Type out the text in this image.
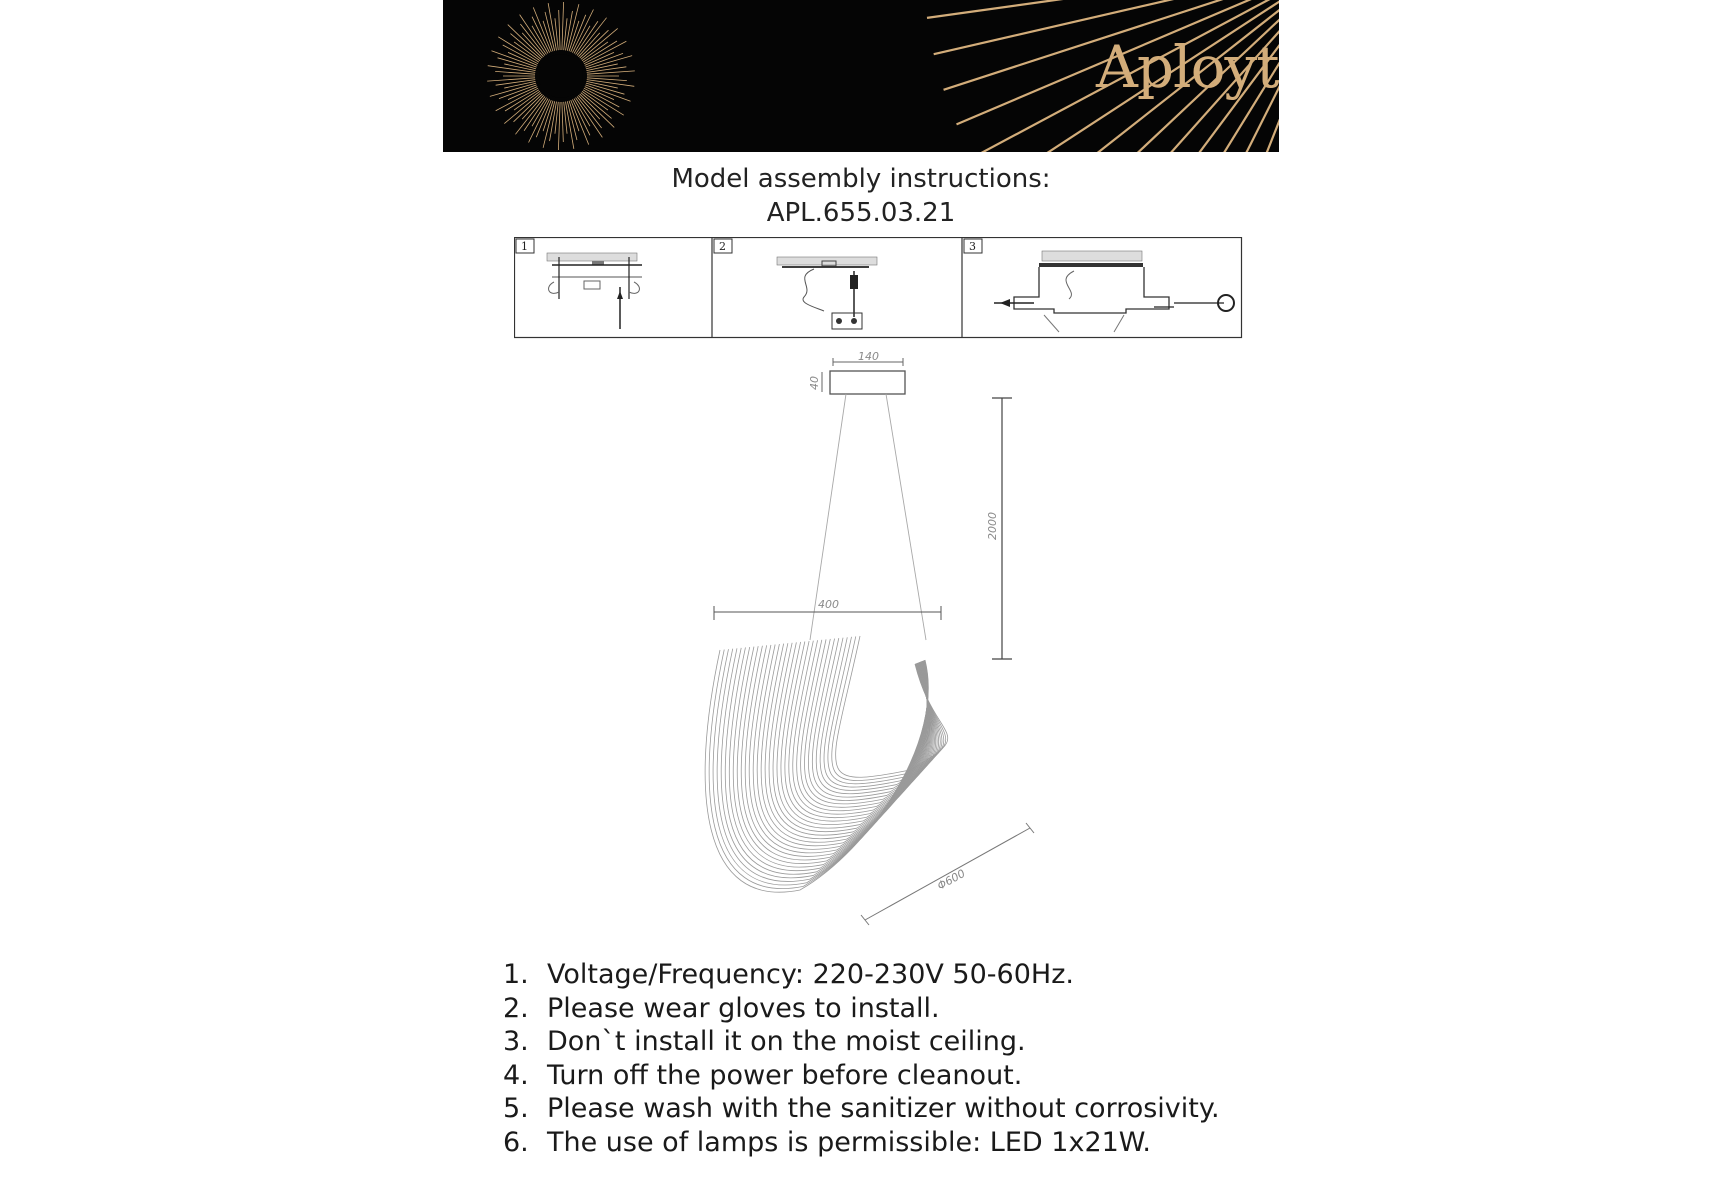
Aployt
Model assembly instructions:
APL.655.03.21
1	2	3
140
40
2000
400
Φ600
1. Voltage/Frequency: 220-230V 50-60Hz.
2. Please wear gloves to install.
3. Don`t install it on the moist ceiling.
4. Turn off the power before cleanout.
5. Please wash with the sanitizer without corrosivity.
6. The use of lamps is permissible: LED 1x21W.
